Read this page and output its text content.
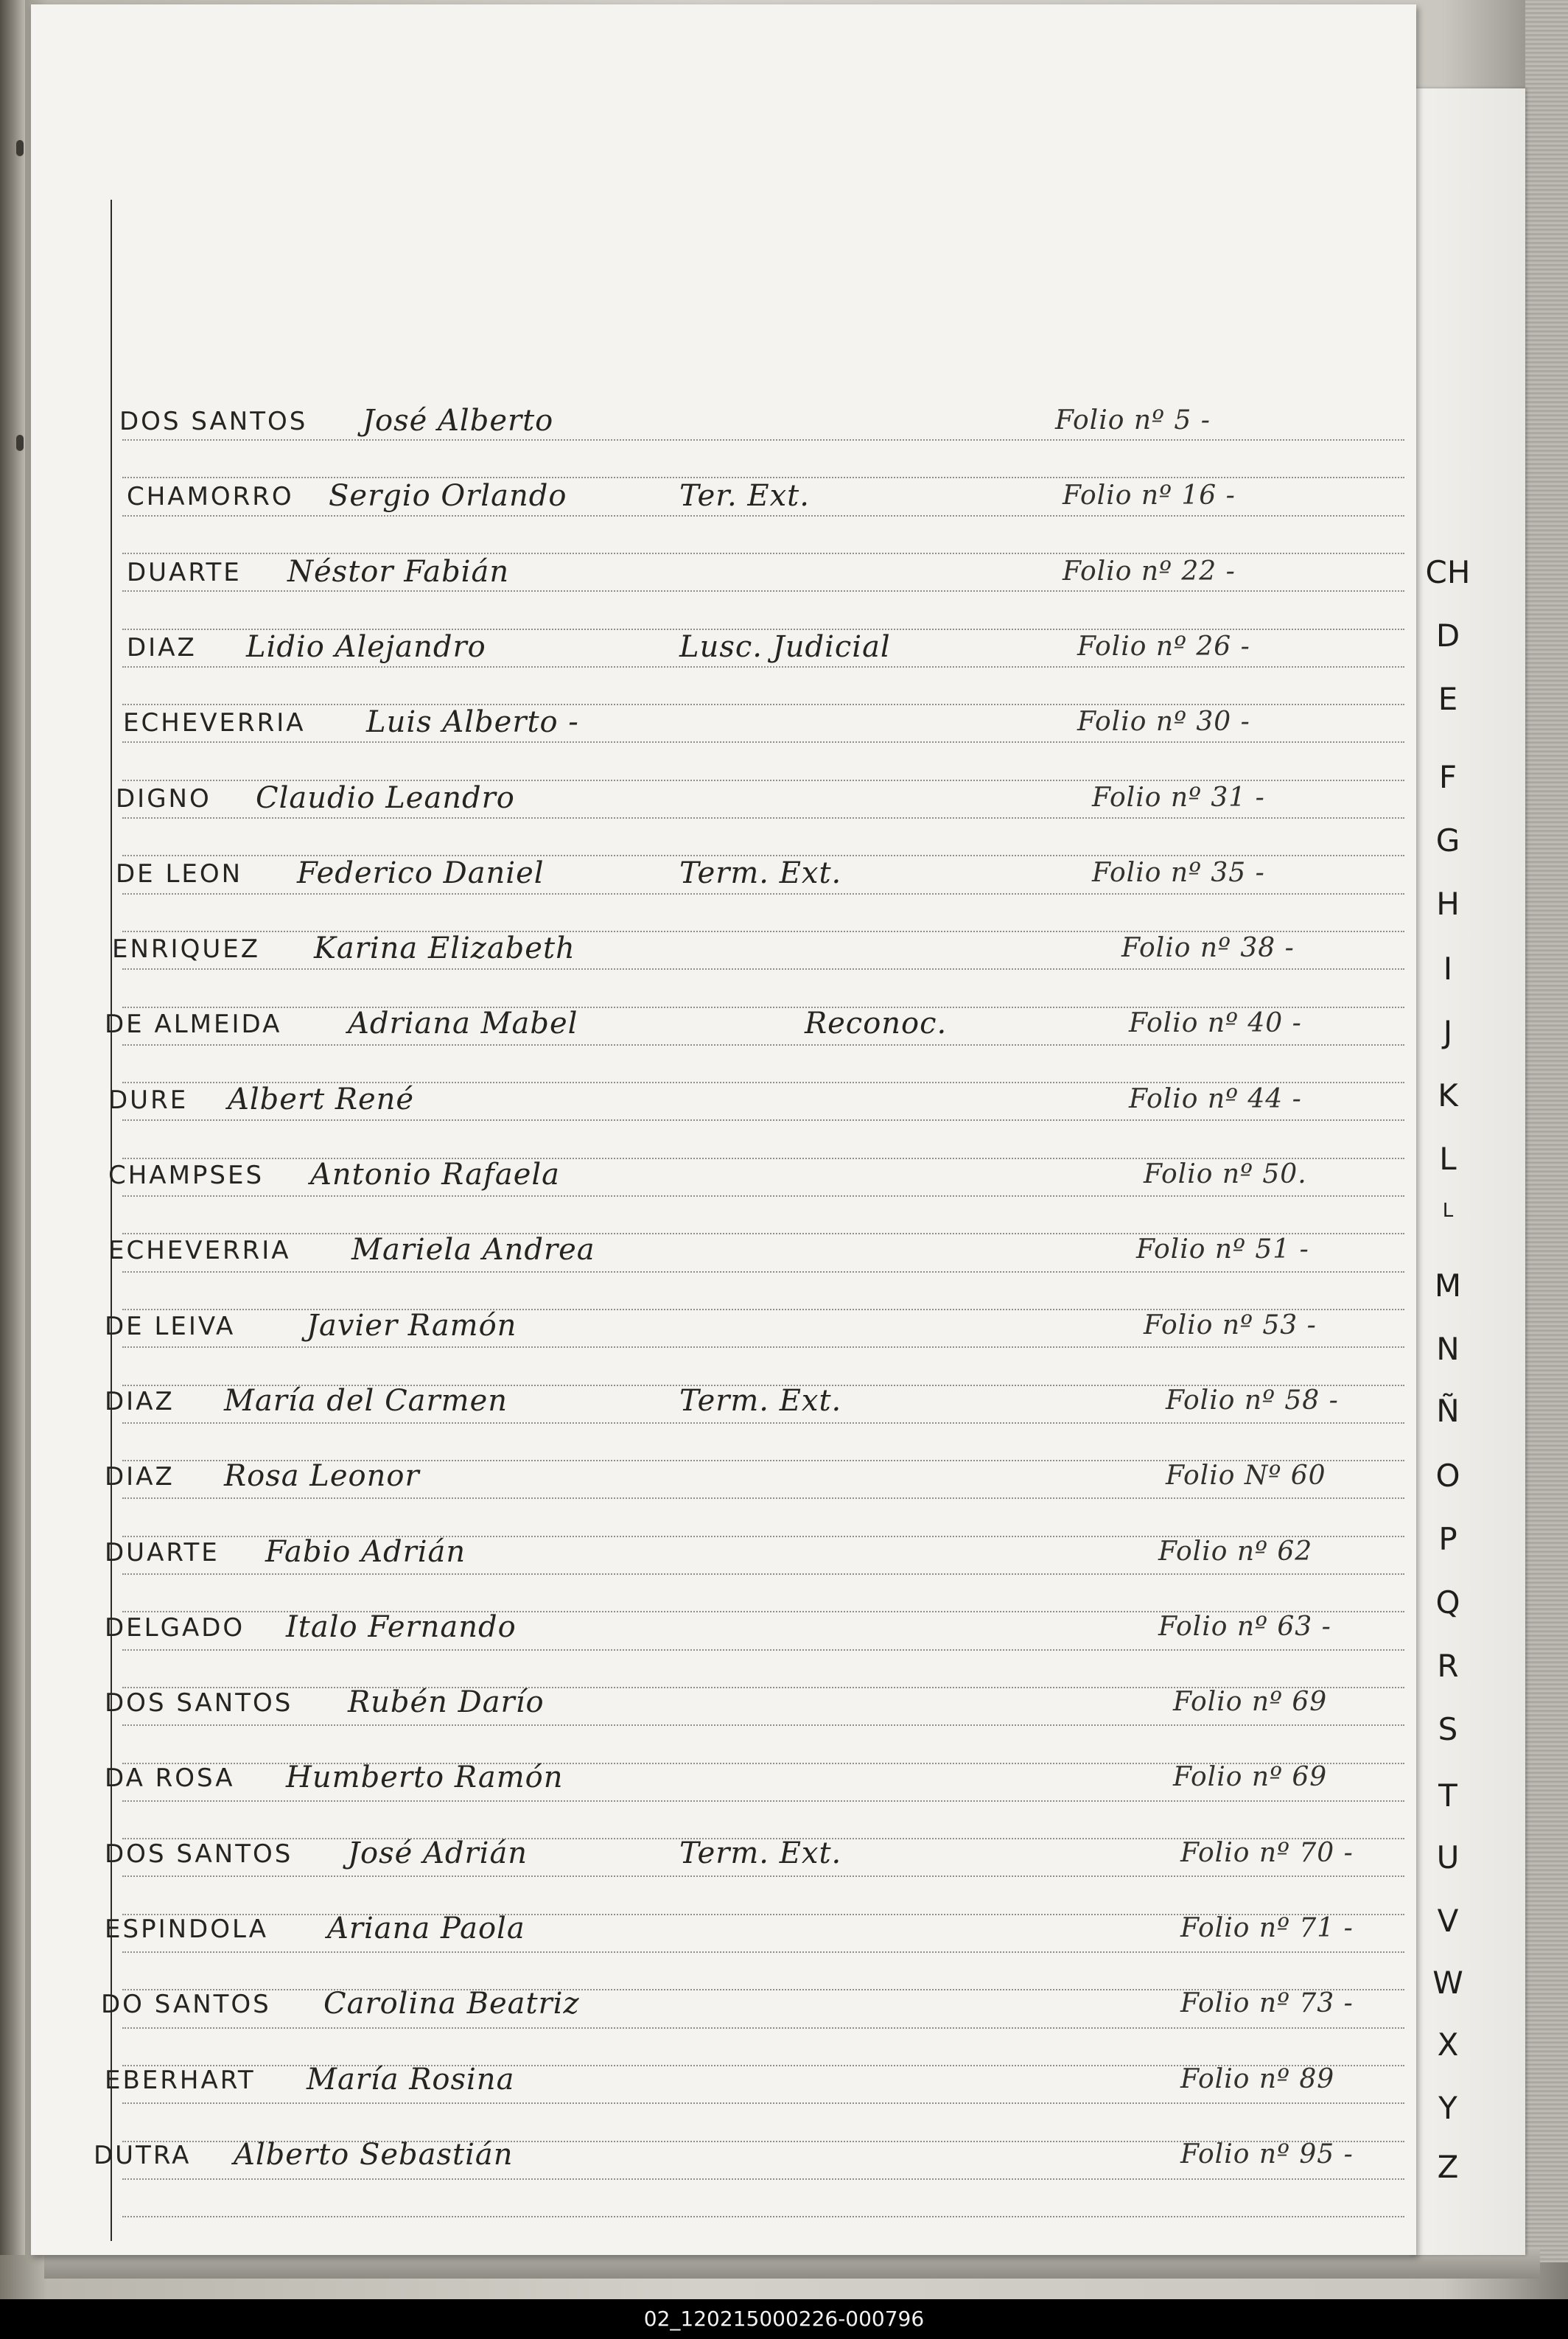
DOS SANTOS José Alberto	Folio nº 5 -
CHAMORRO Sergio Orlando	Ter. Ext.	Folio nº 16 -
DUARTE Néstor Fabián	Folio nº 22 -
DIAZ Lidio Alejandro	Lusc. Judicial	Folio nº 26 -
ECHEVERRIA Luis Alberto -	Folio nº 30 -
DIGNO Claudio Leandro	Folio nº 31 -
DE LEON Federico Daniel	Term. Ext.	Folio nº 35 -
ENRIQUEZ Karina Elizabeth	Folio nº 38 -
DE ALMEIDA Adriana Mabel	Reconoc.	Folio nº 40 -
DURE Albert René	Folio nº 44 -
CHAMPSES Antonio Rafaela	Folio nº 50.
ECHEVERRIA Mariela Andrea	Folio nº 51 -
DE LEIVA Javier Ramón	Folio nº 53 -
DIAZ María del Carmen	Term. Ext.	Folio nº 58 -
DIAZ Rosa Leonor	Folio Nº 60
DUARTE Fabio Adrián	Folio nº 62
DELGADO Italo Fernando	Folio nº 63 -
DOS SANTOS Rubén Darío	Folio nº 69
DA ROSA Humberto Ramón	Folio nº 69
DOS SANTOS José Adrián	Term. Ext.	Folio nº 70 -
ESPINDOLA Ariana Paola	Folio nº 71 -
DO SANTOS Carolina Beatriz	Folio nº 73 -
EBERHART María Rosina	Folio nº 89
DUTRA Alberto Sebastián	Folio nº 95 -
CH
D
E
F
G
H
I
J
K
L
L
M
N
Ñ
O
P
Q
R
S
T
U
V
W
X
Y
Z
02_120215000226-000796
